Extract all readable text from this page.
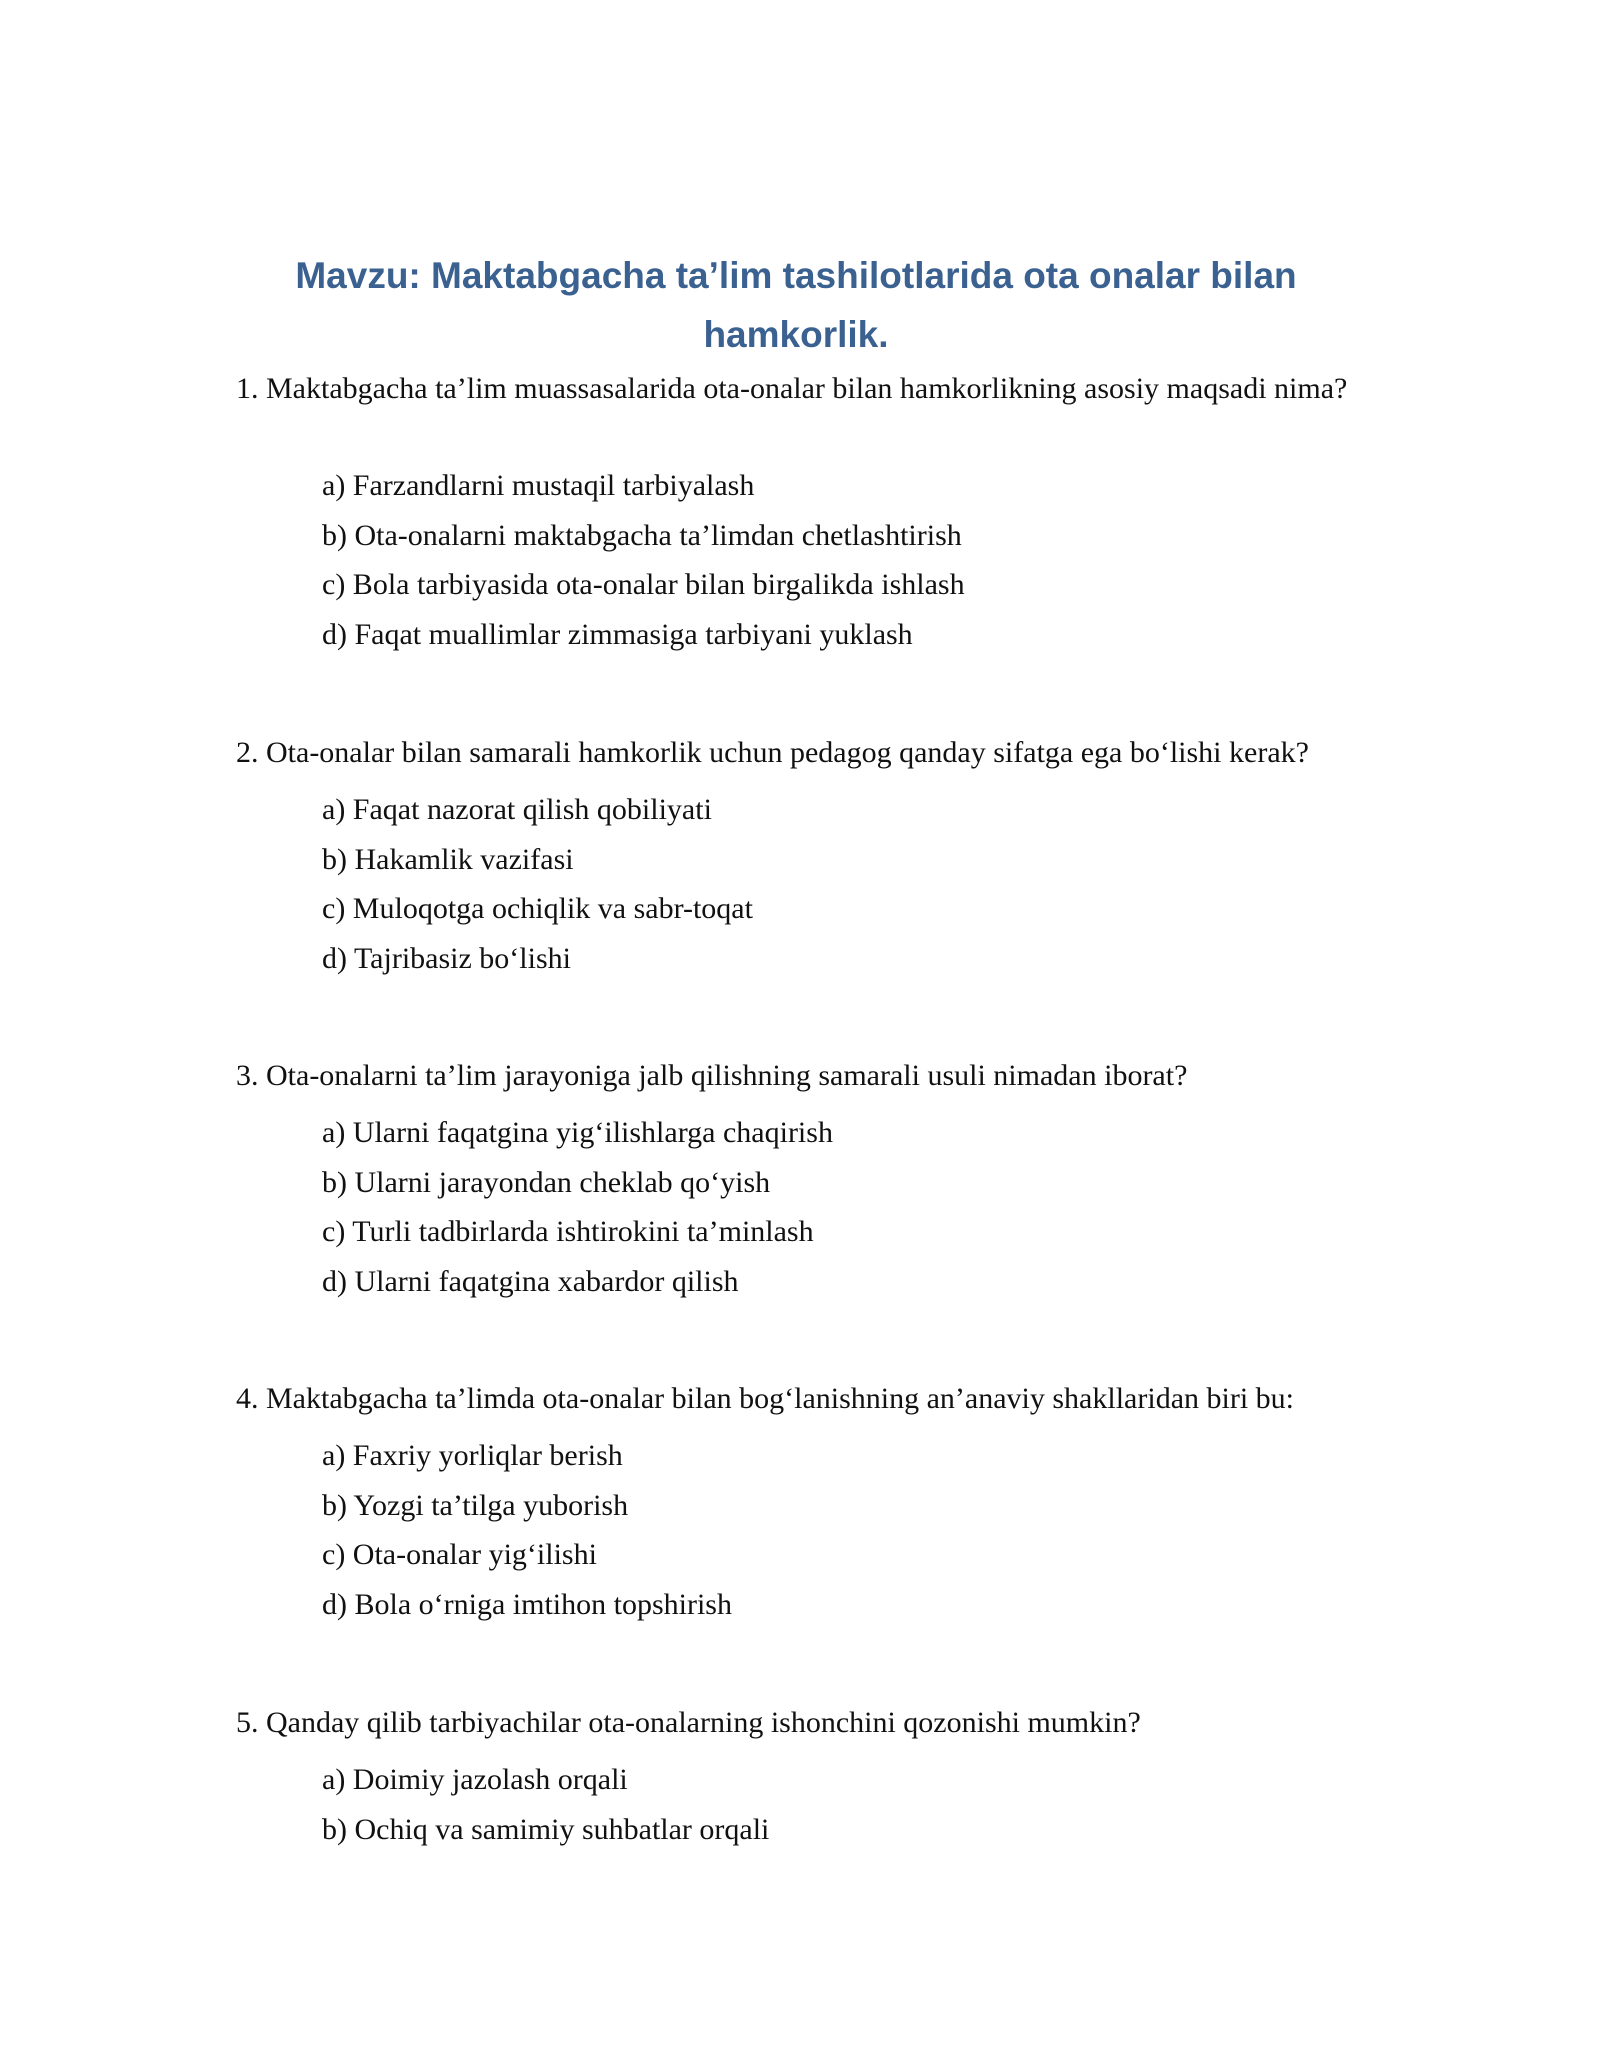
Mavzu: Maktabgacha ta’lim tashilotlarida ota onalar bilan hamkorlik.

1. Maktabgacha ta’lim muassasalarida ota-onalar bilan hamkorlikning asosiy maqsadi nima?

a) Farzandlarni mustaqil tarbiyalash
b) Ota-onalarni maktabgacha ta’limdan chetlashtirish
c) Bola tarbiyasida ota-onalar bilan birgalikda ishlash
d) Faqat muallimlar zimmasiga tarbiyani yuklash

2. Ota-onalar bilan samarali hamkorlik uchun pedagog qanday sifatga ega bo‘lishi kerak?

a) Faqat nazorat qilish qobiliyati
b) Hakamlik vazifasi
c) Muloqotga ochiqlik va sabr-toqat
d) Tajribasiz bo‘lishi

3. Ota-onalarni ta’lim jarayoniga jalb qilishning samarali usuli nimadan iborat?

a) Ularni faqatgina yig‘ilishlarga chaqirish
b) Ularni jarayondan cheklab qo‘yish
c) Turli tadbirlarda ishtirokini ta’minlash
d) Ularni faqatgina xabardor qilish

4. Maktabgacha ta’limda ota-onalar bilan bog‘lanishning an’anaviy shakllaridan biri bu:

a) Faxriy yorliqlar berish
b) Yozgi ta’tilga yuborish
c) Ota-onalar yig‘ilishi
d) Bola o‘rniga imtihon topshirish

5. Qanday qilib tarbiyachilar ota-onalarning ishonchini qozonishi mumkin?

a) Doimiy jazolash orqali
b) Ochiq va samimiy suhbatlar orqali
